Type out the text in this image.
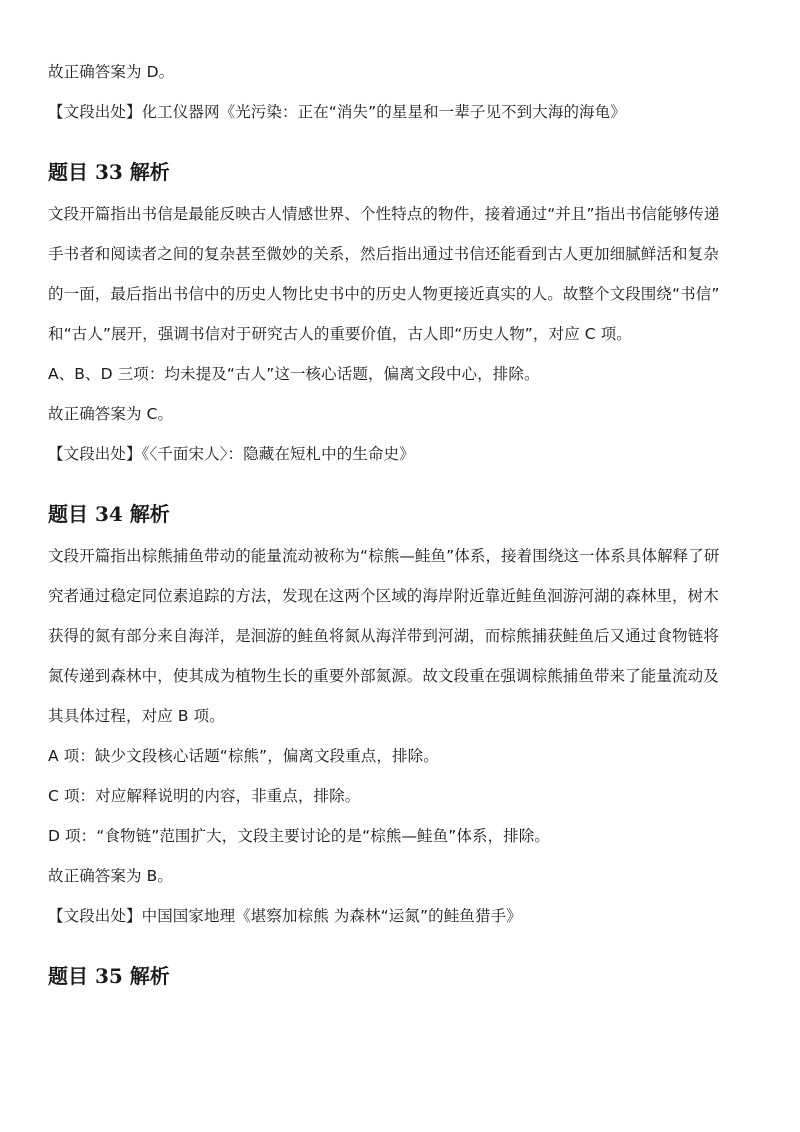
故正确答案为 D。

【文段出处】化工仪器网《光污染：正在“消失”的星星和一辈子见不到大海的海龟》

题目 33 解析

文段开篇指出书信是最能反映古人情感世界、个性特点的物件，接着通过“并且”指出书信能够传递

手书者和阅读者之间的复杂甚至微妙的关系，然后指出通过书信还能看到古人更加细腻鲜活和复杂

的一面，最后指出书信中的历史人物比史书中的历史人物更接近真实的人。故整个文段围绕“书信”

和“古人”展开，强调书信对于研究古人的重要价值，古人即“历史人物”，对应 C 项。

A、B、D 三项：均未提及“古人”这一核心话题，偏离文段中心，排除。

故正确答案为 C。

【文段出处】《〈千面宋人〉：隐藏在短札中的生命史》

题目 34 解析

文段开篇指出棕熊捕鱼带动的能量流动被称为“棕熊—鲑鱼”体系，接着围绕这一体系具体解释了研

究者通过稳定同位素追踪的方法，发现在这两个区域的海岸附近靠近鲑鱼洄游河湖的森林里，树木

获得的氮有部分来自海洋，是洄游的鲑鱼将氮从海洋带到河湖，而棕熊捕获鲑鱼后又通过食物链将

氮传递到森林中，使其成为植物生长的重要外部氮源。故文段重在强调棕熊捕鱼带来了能量流动及

其具体过程，对应 B 项。

A 项：缺少文段核心话题“棕熊”，偏离文段重点，排除。

C 项：对应解释说明的内容，非重点，排除。

D 项：“食物链”范围扩大，文段主要讨论的是“棕熊—鲑鱼”体系，排除。

故正确答案为 B。

【文段出处】中国国家地理《堪察加棕熊 为森林“运氮”的鲑鱼猎手》

题目 35 解析
